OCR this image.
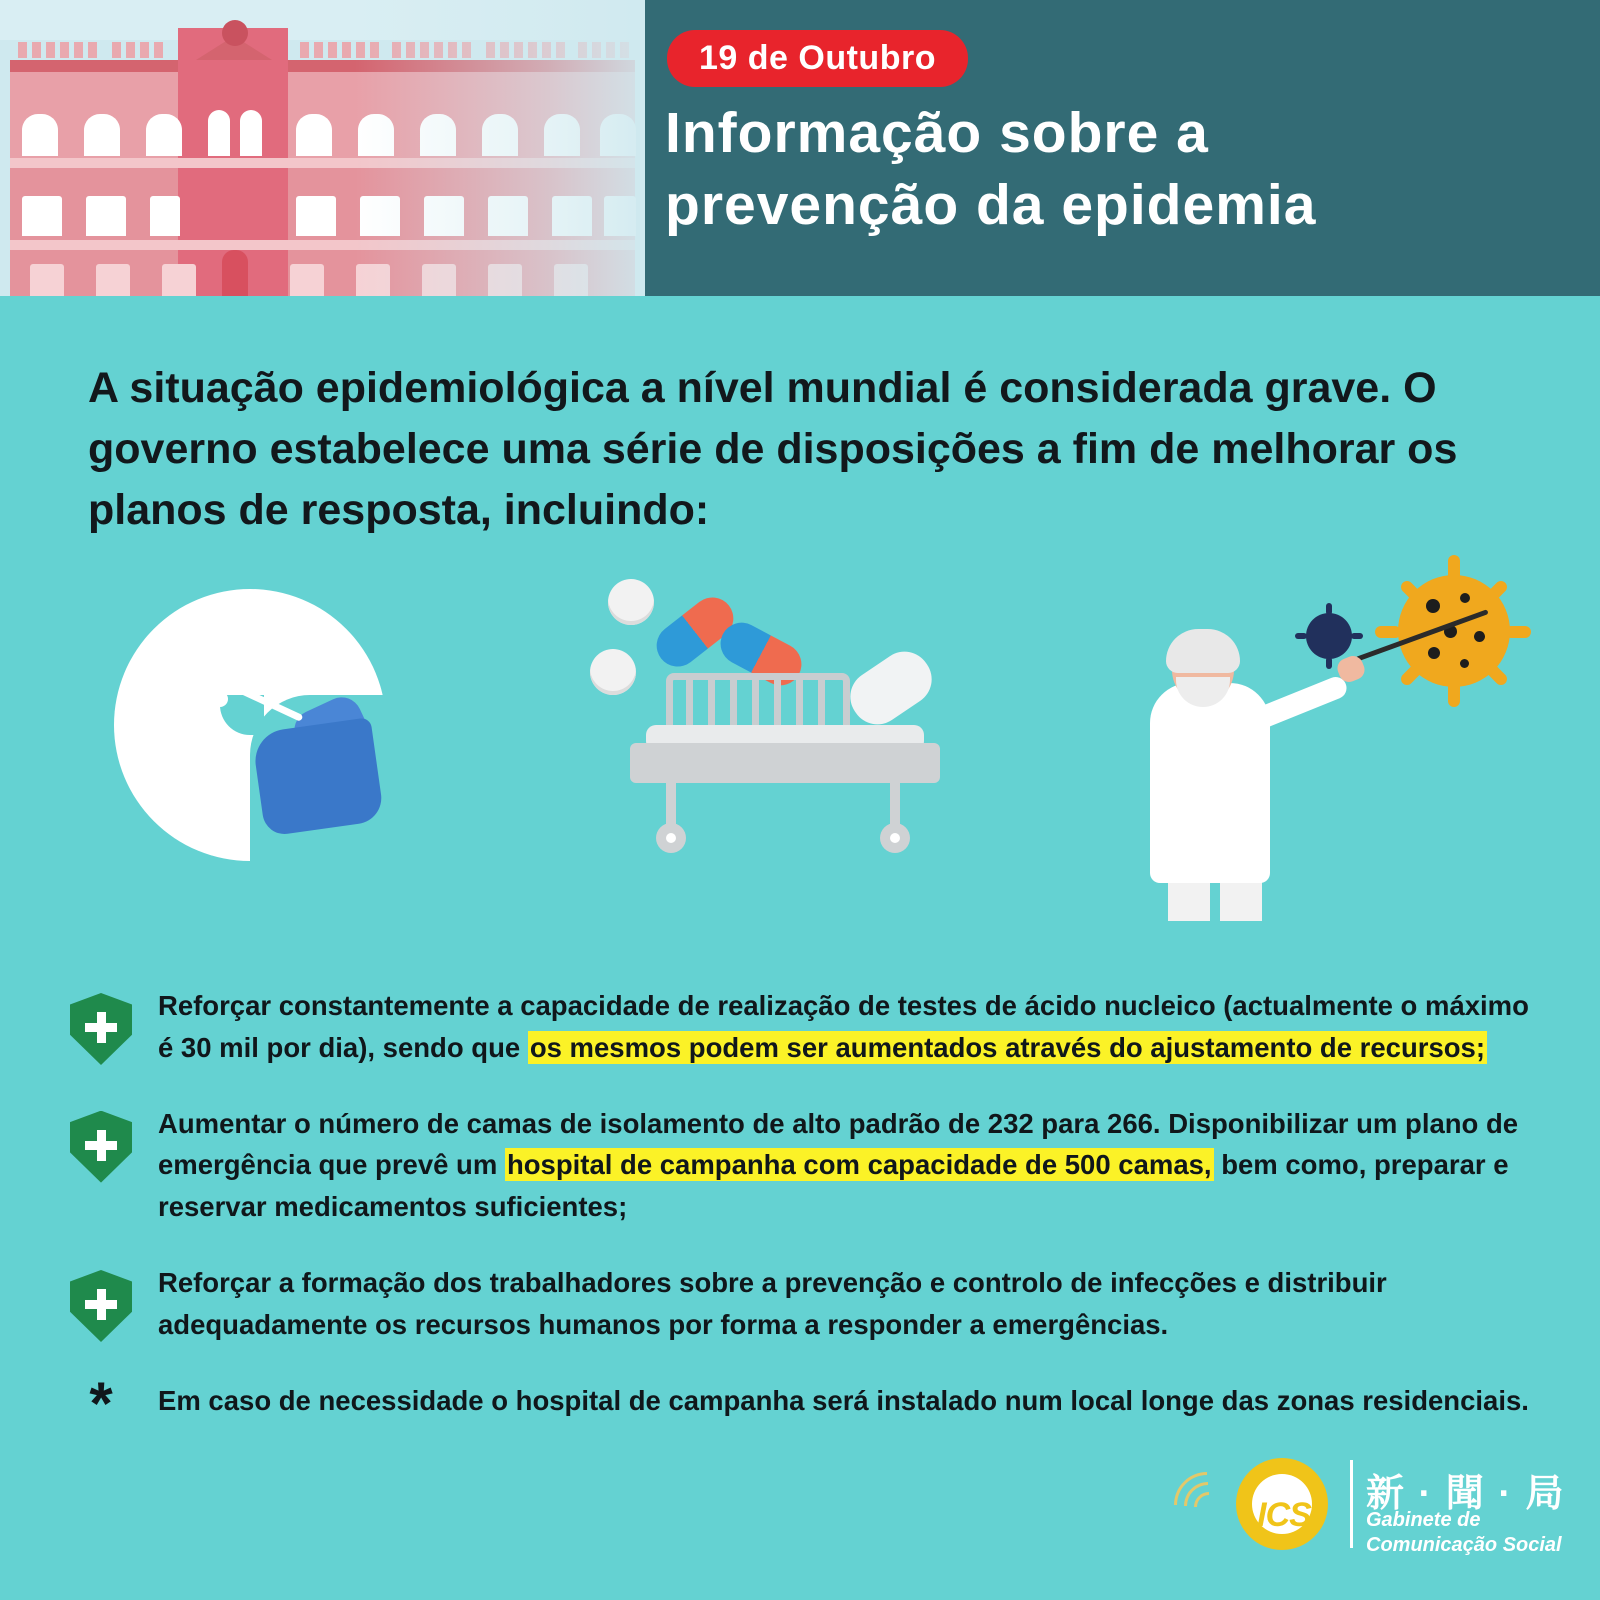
19 de Outubro
Informação sobre a
prevenção da epidemia
A situação epidemiológica a nível mundial é considerada grave. O governo estabelece uma série de disposições a fim de melhorar os planos de resposta, incluindo:
Reforçar constantemente a capacidade de realização de testes de ácido nucleico (actualmente o máximo é 30 mil por dia), sendo que os mesmos podem ser aumentados através do ajustamento de recursos;
Aumentar o número de camas de isolamento de alto padrão de 232 para 266. Disponibilizar um plano de emergência que prevê um hospital de campanha com capacidade de 500 camas, bem como, preparar e reservar medicamentos suficientes;
Reforçar a formação dos trabalhadores sobre a prevenção e controlo de infecções e distribuir adequadamente os recursos humanos por forma a responder a emergências.
*	Em caso de necessidade o hospital de campanha será instalado num local longe das zonas residenciais.
ICS 新 · 聞 · 局
Gabinete de
Comunicação Social
